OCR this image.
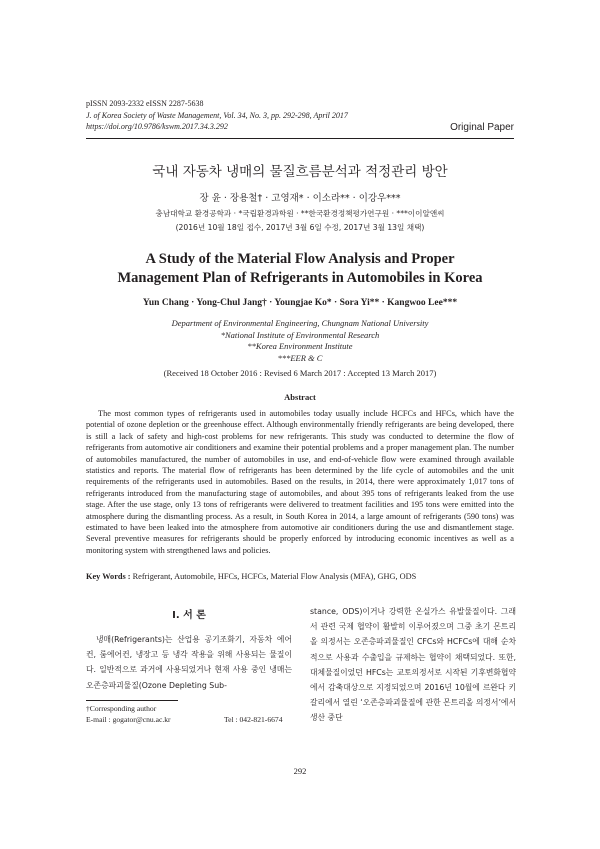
pISSN 2093-2332 eISSN 2287-5638
J. of Korea Society of Waste Management, Vol. 34, No. 3, pp. 292-298, April 2017
https://doi.org/10.9786/kswm.2017.34.3.292	Original Paper
국내 자동차 냉매의 물질흐름분석과 적정관리 방안
장 윤 · 장용철† · 고영재* · 이소라** · 이강우***
충남대학교 환경공학과 · *국립환경과학원 · **한국환경정책평가연구원 · ***이이알앤씨
(2016년 10월 18일 접수, 2017년 3월 6일 수정, 2017년 3월 13일 채택)
A Study of the Material Flow Analysis and Proper Management Plan of Refrigerants in Automobiles in Korea
Yun Chang · Yong-Chul Jang† · Youngjae Ko* · Sora Yi** · Kangwoo Lee***
Department of Environmental Engineering, Chungnam National University
*National Institute of Environmental Research
**Korea Environment Institute
***EER & C
(Received 18 October 2016 : Revised 6 March 2017 : Accepted 13 March 2017)
Abstract

The most common types of refrigerants used in automobiles today usually include HCFCs and HFCs, which have the potential of ozone depletion or the greenhouse effect. Although environmentally friendly refrigerants are being developed, there is still a lack of safety and high-cost problems for new refrigerants. This study was conducted to determine the flow of refrigerants from automotive air conditioners and examine their potential problems and a proper management plan. The number of automobiles manufactured, the number of automobiles in use, and end-of-vehicle flow were examined through available statistics and reports. The material flow of refrigerants has been determined by the life cycle of automobiles and the unit requirements of the refrigerants used in automobiles. Based on the results, in 2014, there were approximately 1,017 tons of refrigerants introduced from the manufacturing stage of automobiles, and about 395 tons of refrigerants leaked from the use stage. After the use stage, only 13 tons of refrigerants were delivered to treatment facilities and 195 tons were emitted into the atmosphere during the dismantling process. As a result, in South Korea in 2014, a large amount of refrigerants (590 tons) was estimated to have been leaked into the atmosphere from automotive air conditioners during the use and dismantlement stage. Several preventive measures for refrigerants should be properly enforced by introducing economic incentives as well as a monitoring system with strengthened laws and policies.

Key Words : Refrigerant, Automobile, HFCs, HCFCs, Material Flow Analysis (MFA), GHG, ODS
I. 서 론

냉매(Refrigerants)는 산업용 공기조화기, 자동차 에어컨, 룸에어컨, 냉장고 등 냉각 작용을 위해 사용되는 물질이다. 일반적으로 과거에 사용되었거나 현재 사용 중인 냉매는 오존층파괴물질(Ozone Depleting Sub-

stance, ODS)이거나 강력한 온실가스 유발물질이다. 그래서 관련 국제 협약이 활발히 이루어졌으며 그중 초기 몬트리올 의정서는 오존층파괴물질인 CFCs와 HCFCs에 대해 순차적으로 사용과 수출입을 규제하는 협약이 채택되었다. 또한, 대체물질이었던 HFCs는 교토의정서로 시작된 기후변화협약에서 감축대상으로 지정되었으며 2016년 10월에 르완다 키갈리에서 열린 ‘오존층파괴물질에 관한 몬트리올 의정서’에서 생산 중단

†Corresponding author
E-mail : gogator@cnu.ac.kr	Tel : 042-821-6674
292
